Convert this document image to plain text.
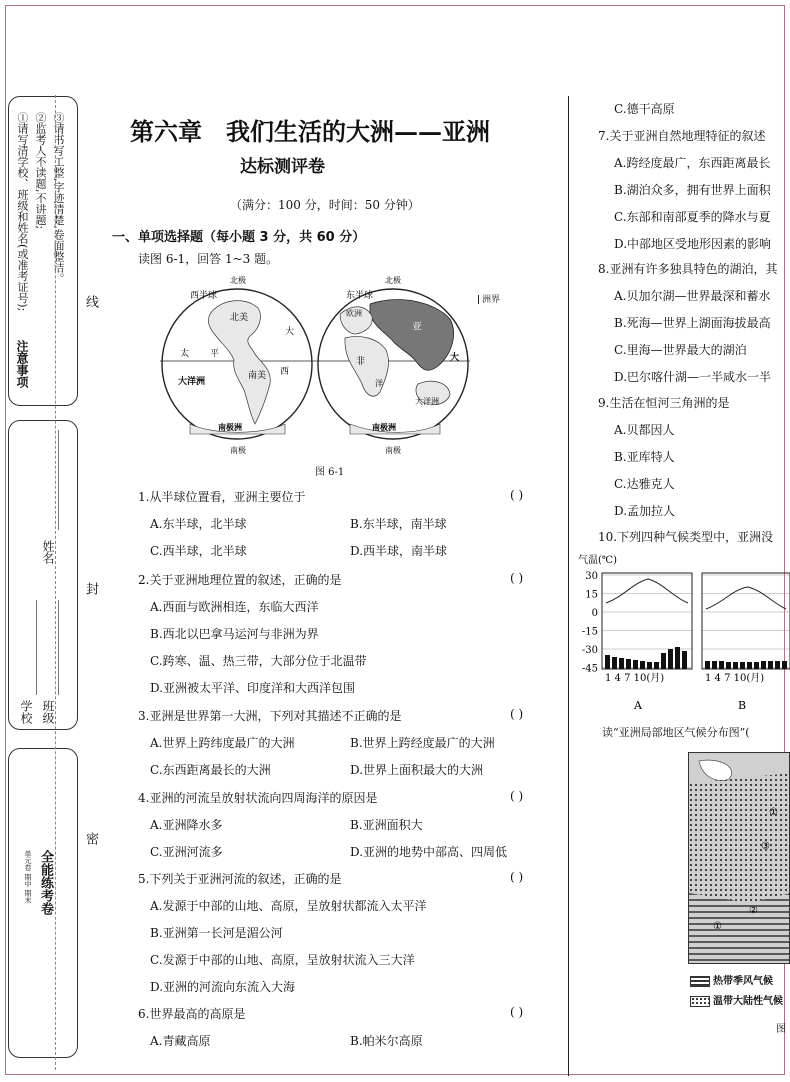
①请写清学校、班级和姓名(或准考证号); ②监考人不读题,不讲题; ③请书写工整,字迹清楚,卷面整洁。
注意事项
姓名
学校 班级
单元卷 期中 期末 全能练考卷
线
封
密
第六章 我们生活的大洲——亚洲
达标测评卷
（满分：100 分，时间：50 分钟）
一、单项选择题（每小题 3 分，共 60 分）
读图 6-1，回答 1~3 题。
北极	北极
南极	南极
西半球	东半球
北美
南美
太 平
大洋洲
大
西
欧洲
非
亚
洋
大洋洲
大
南极洲	南极洲
洲界
图 6-1
1.从半球位置看，亚洲主要位于	( )
A.东半球，北半球	B.东半球，南半球
C.西半球，北半球	D.西半球，南半球
2.关于亚洲地理位置的叙述，正确的是	( )
A.西面与欧洲相连，东临大西洋
B.西北以巴拿马运河与非洲为界
C.跨寒、温、热三带，大部分位于北温带
D.亚洲被太平洋、印度洋和大西洋包围
3.亚洲是世界第一大洲，下列对其描述不正确的是	( )
A.世界上跨纬度最广的大洲	B.世界上跨经度最广的大洲
C.东西距离最长的大洲	D.世界上面积最大的大洲
4.亚洲的河流呈放射状流向四周海洋的原因是	( )
A.亚洲降水多	B.亚洲面积大
C.亚洲河流多	D.亚洲的地势中部高、四周低
5.下列关于亚洲河流的叙述，正确的是	( )
A.发源于中部的山地、高原，呈放射状都流入太平洋
B.亚洲第一长河是湄公河
C.发源于中部的山地、高原，呈放射状流入三大洋
D.亚洲的河流向东流入大海
6.世界最高的高原是	( )
A.青藏高原	B.帕米尔高原
C.德干高原
7.关于亚洲自然地理特征的叙述
A.跨经度最广，东西距离最长
B.湖泊众多，拥有世界上面积
C.东部和南部夏季的降水与夏
D.中部地区受地形因素的影响
8.亚洲有许多独具特色的湖泊，其
A.贝加尔湖—世界最深和蓄水
B.死海—世界上湖面海拔最高
C.里海—世界最大的湖泊
D.巴尔喀什湖—一半咸水一半
9.生活在恒河三角洲的是
A.贝都因人
B.亚库特人
C.达雅克人
D.孟加拉人
10.下列四种气候类型中，亚洲没
气温(℃)
30
15
0
-15
-30
-45
1 4 7 10(月)	1 4 7 10(月)
A	B
读“亚洲局部地区气候分布图”(
①
②
③
①
热带季风气候
温带大陆性气候
图
